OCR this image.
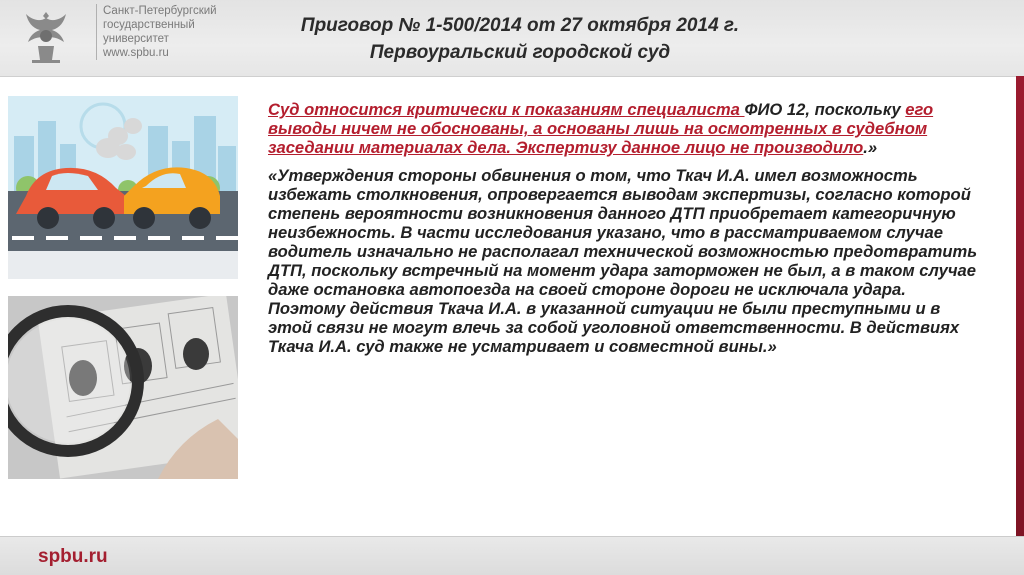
Санкт-Петербургский
государственный
университет
www.spbu.ru
Приговор № 1-500/2014 от 27 октября 2014 г.
Первоуральский городской суд

Суд относится критически к показаниям специалиста ФИО 12, поскольку его выводы ничем не обоснованы, а основаны лишь на осмотренных в судебном заседании материалах дела. Экспертизу данное лицо не производило.»

«Утверждения стороны обвинения о том, что Ткач И.А. имел возможность избежать столкновения, опровергается выводам экспертизы, согласно которой степень вероятности возникновения данного ДТП приобретает категоричную неизбежность. В части исследования указано, что в рассматриваемом случае водитель изначально не располагал технической возможностью предотвратить ДТП, поскольку встречный на момент удара заторможен не был, а в таком случае даже остановка автопоезда на своей стороне дороги не исключала удара. Поэтому действия Ткача И.А. в указанной ситуации не были преступными и в этой связи не могут влечь за собой уголовной ответственности. В действиях Ткача И.А. суд также не усматривает и совместной вины.»

spbu.ru
